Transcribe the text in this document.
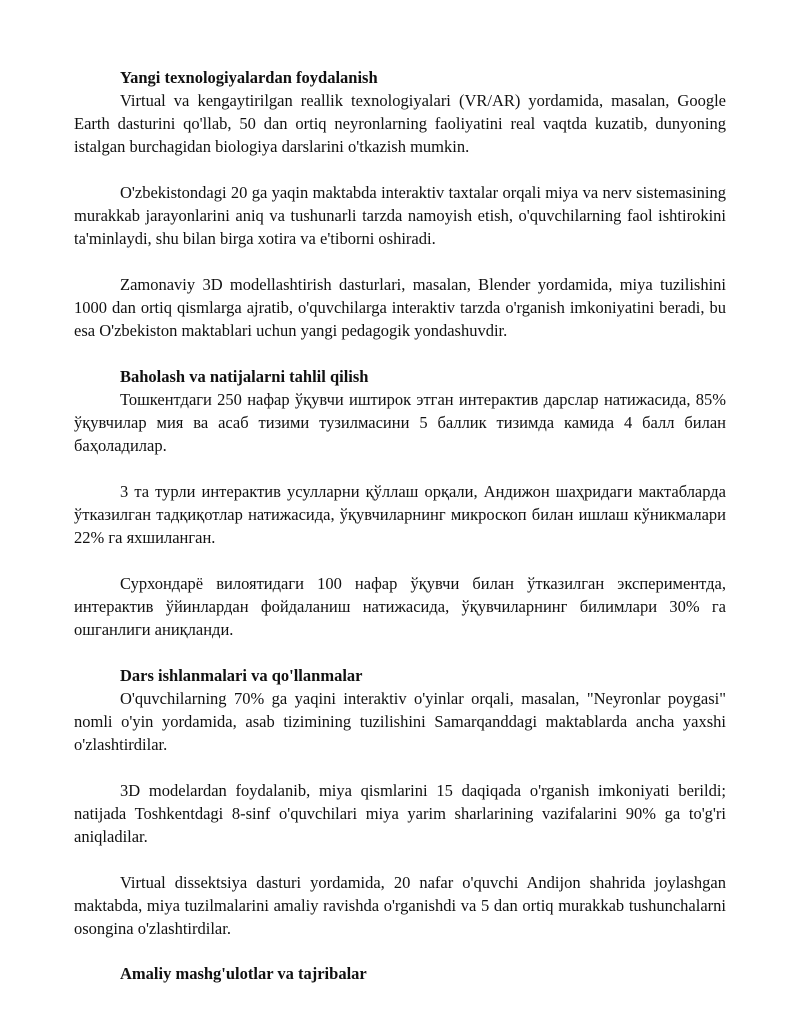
Yangi texnologiyalardan foydalanish

Virtual va kengaytirilgan reallik texnologiyalari (VR/AR) yordamida, masalan, Google Earth dasturini qo'llab, 50 dan ortiq neyronlarning faoliyatini real vaqtda kuzatib, dunyoning istalgan burchagidan biologiya darslarini o'tkazish mumkin.

O'zbekistondagi 20 ga yaqin maktabda interaktiv taxtalar orqali miya va nerv sistemasining murakkab jarayonlarini aniq va tushunarli tarzda namoyish etish, o'quvchilarning faol ishtirokini ta'minlaydi, shu bilan birga xotira va e'tiborni oshiradi.

Zamonaviy 3D modellashtirish dasturlari, masalan, Blender yordamida, miya tuzilishini 1000 dan ortiq qismlarga ajratib, o'quvchilarga interaktiv tarzda o'rganish imkoniyatini beradi, bu esa O'zbekiston maktablari uchun yangi pedagogik yondashuvdir.

Baholash va natijalarni tahlil qilish

Тошкентдаги 250 нафар ўқувчи иштирок этган интерактив дарслар натижасида, 85% ўқувчилар мия ва асаб тизими тузилмасини 5 баллик тизимда камида 4 балл билан баҳоладилар.

3 та турли интерактив усулларни қўллаш орқали, Андижон шаҳридаги мактабларда ўтказилган тадқиқотлар натижасида, ўқувчиларнинг микроскоп билан ишлаш кўникмалари 22% га яхшиланган.

Сурхондарё вилоятидаги 100 нафар ўқувчи билан ўтказилган экспериментда, интерактив ўйинлардан фойдаланиш натижасида, ўқувчиларнинг билимлари 30% га ошганлиги аниқланди.

Dars ishlanmalari va qo'llanmalar

O'quvchilarning 70% ga yaqini interaktiv o'yinlar orqali, masalan, "Neyronlar poygasi" nomli o'yin yordamida, asab tizimining tuzilishini Samarqanddagi maktablarda ancha yaxshi o'zlashtirdilar.

3D modelardan foydalanib, miya qismlarini 15 daqiqada o'rganish imkoniyati berildi; natijada Toshkentdagi 8-sinf o'quvchilari miya yarim sharlarining vazifalarini 90% ga to'g'ri aniqladilar.

Virtual dissektsiya dasturi yordamida, 20 nafar o'quvchi Andijon shahrida joylashgan maktabda, miya tuzilmalarini amaliy ravishda o'rganishdi va 5 dan ortiq murakkab tushunchalarni osongina o'zlashtirdilar.

Amaliy mashg'ulotlar va tajribalar
